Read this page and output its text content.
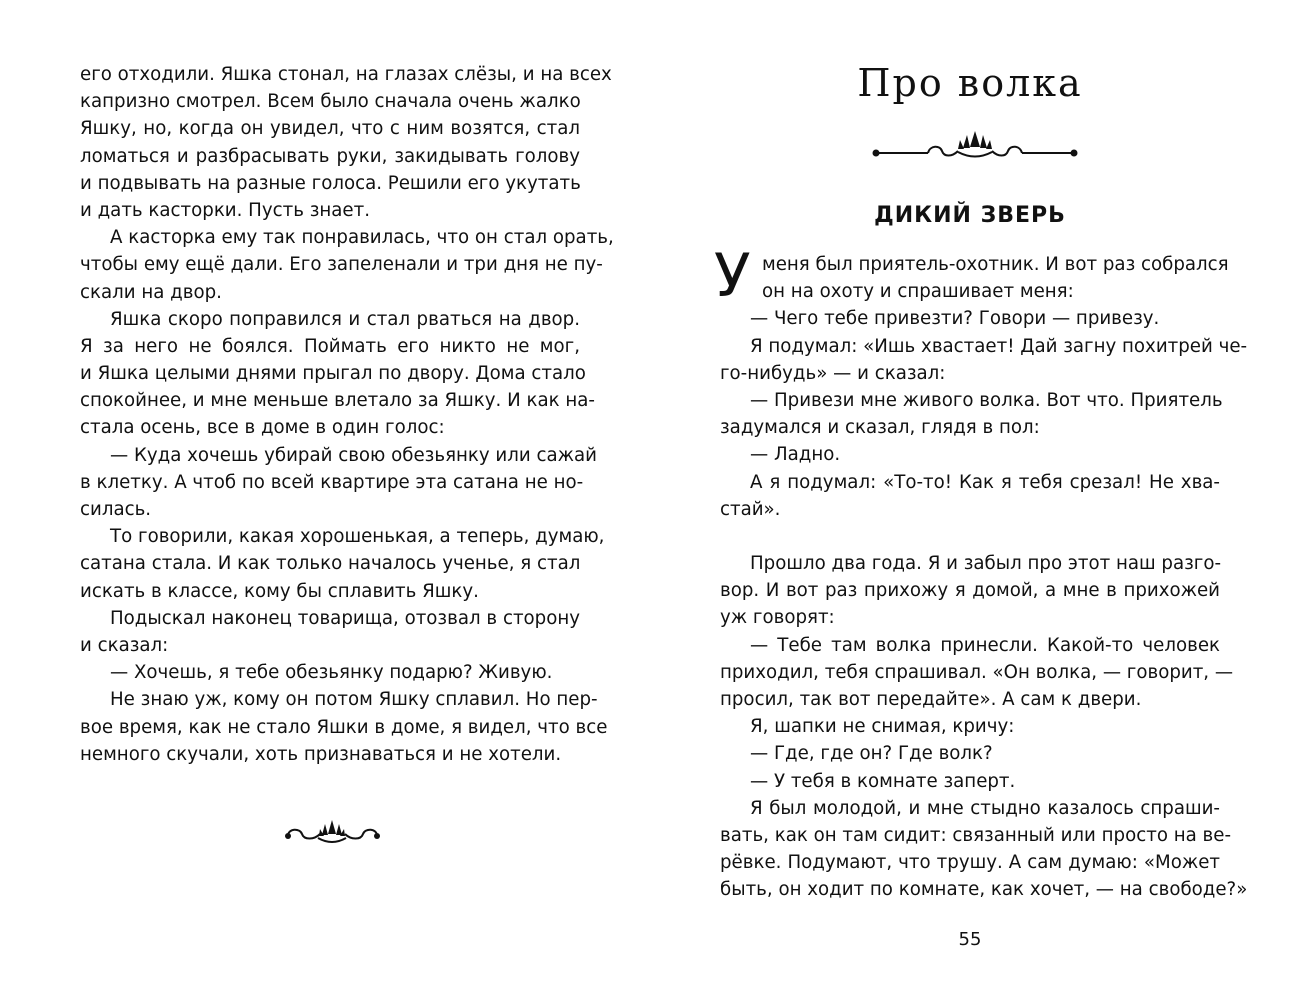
его отходили. Яшка стонал, на глазах слёзы, и на всех
капризно смотрел. Всем было сначала очень жалко
Яшку, но, когда он увидел, что с ним возятся, стал
ломаться и разбрасывать руки, закидывать голову
и подвывать на разные голоса. Решили его укутать
и дать касторки. Пусть знает.
А касторка ему так понравилась, что он стал орать,
чтобы ему ещё дали. Его запеленали и три дня не пу-
скали на двор.
Яшка скоро поправился и стал рваться на двор.
Я за него не боялся. Поймать его никто не мог,
и Яшка целыми днями прыгал по двору. Дома стало
спокойнее, и мне меньше влетало за Яшку. И как на-
стала осень, все в доме в один голос:
— Куда хочешь убирай свою обезьянку или сажай
в клетку. А чтоб по всей квартире эта сатана не но-
силась.
То говорили, какая хорошенькая, а теперь, думаю,
сатана стала. И как только началось ученье, я стал
искать в классе, кому бы сплавить Яшку.
Подыскал наконец товарища, отозвал в сторону
и сказал:
— Хочешь, я тебе обезьянку подарю? Живую.
Не знаю уж, кому он потом Яшку сплавил. Но пер-
вое время, как не стало Яшки в доме, я видел, что все
немного скучали, хоть признаваться и не хотели.
Про волка
ДИКИЙ ЗВЕРЬ
У меня был приятель-охотник. И вот раз собрался
он на охоту и спрашивает меня:
— Чего тебе привезти? Говори — привезу.
Я подумал: «Ишь хвастает! Дай загну похитрей че-
го-нибудь» — и сказал:
— Привези мне живого волка. Вот что. Приятель
задумался и сказал, глядя в пол:
— Ладно.
А я подумал: «То-то! Как я тебя срезал! Не хва-
стай».
Прошло два года. Я и забыл про этот наш разго-
вор. И вот раз прихожу я домой, а мне в прихожей
уж говорят:
— Тебе там волка принесли. Какой-то человек
приходил, тебя спрашивал. «Он волка, — говорит, —
просил, так вот передайте». А сам к двери.
Я, шапки не снимая, кричу:
— Где, где он? Где волк?
— У тебя в комнате заперт.
Я был молодой, и мне стыдно казалось спраши-
вать, как он там сидит: связанный или просто на ве-
рёвке. Подумают, что трушу. А сам думаю: «Может
быть, он ходит по комнате, как хочет, — на свободе?»
55
